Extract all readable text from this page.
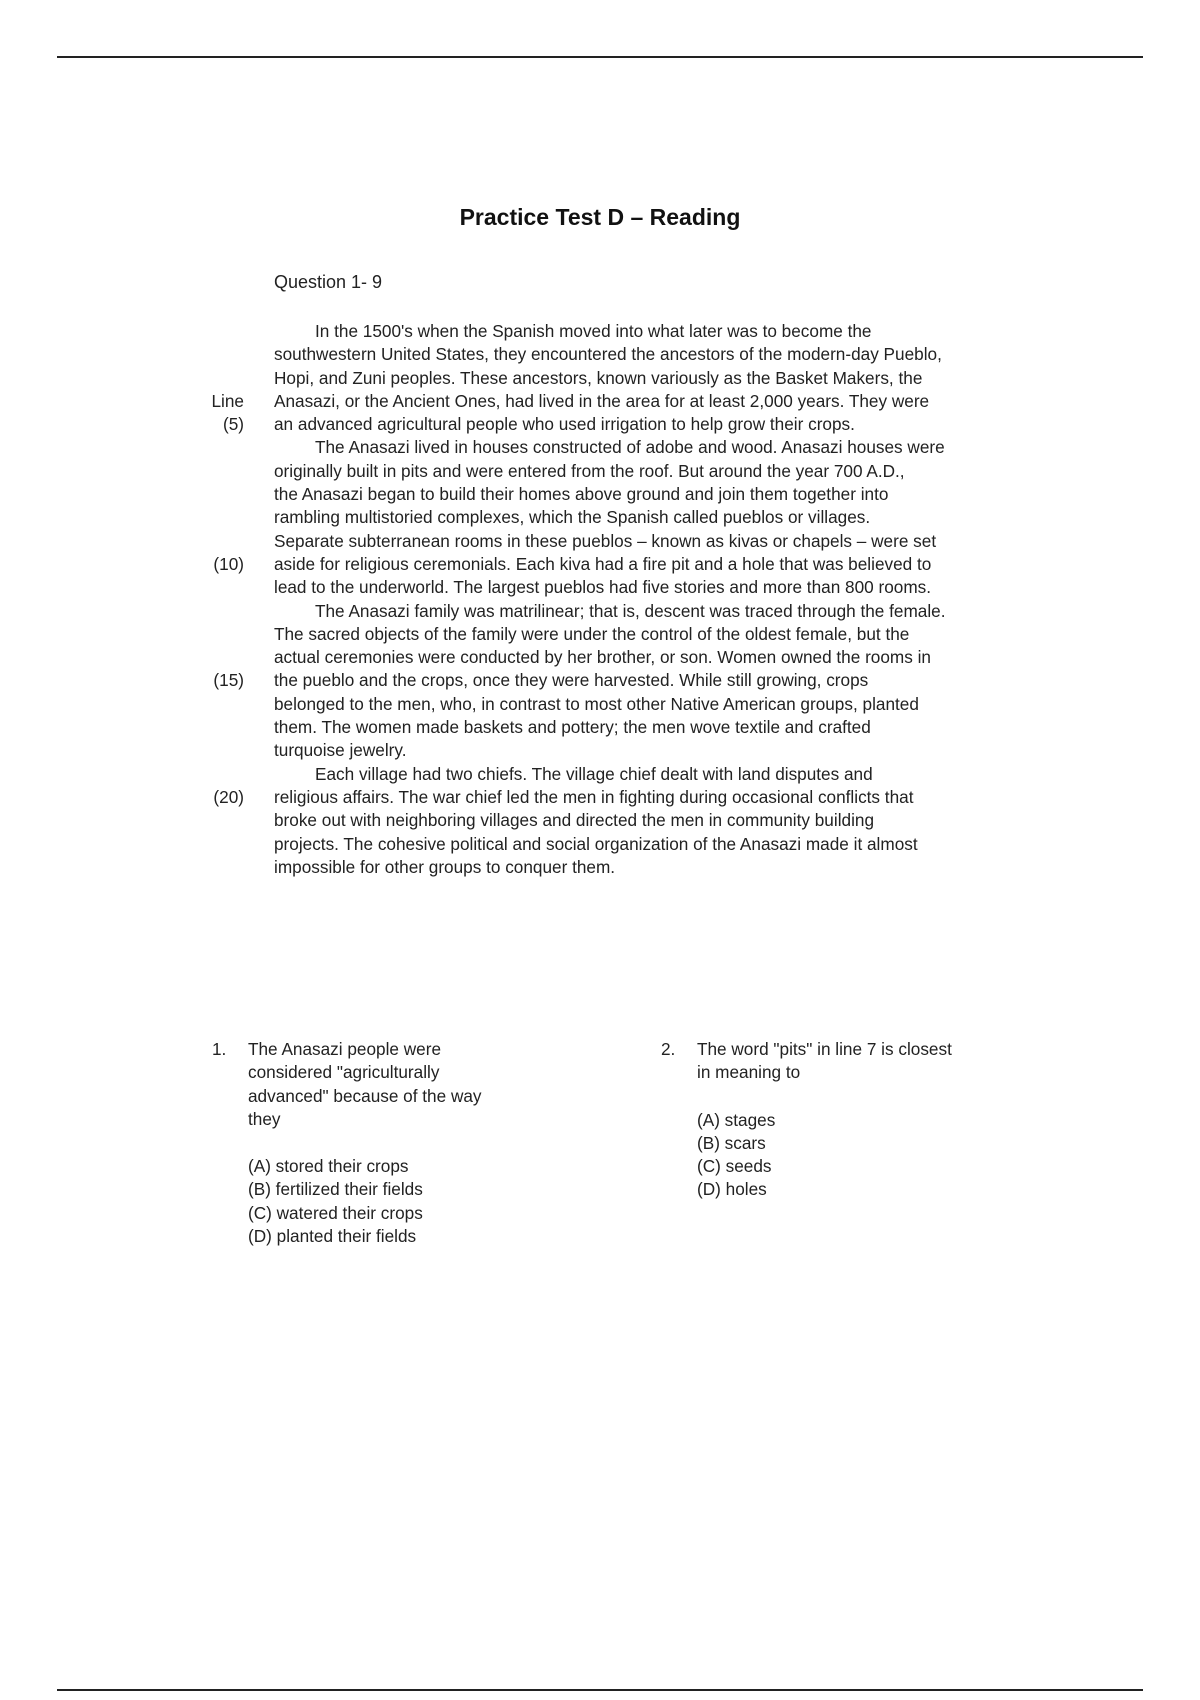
Practice Test D – Reading
Question 1- 9
Line
(5)
(10)
(15)
(20)
In the 1500's when the Spanish moved into what later was to become the
southwestern United States, they encountered the ancestors of the modern-day Pueblo,
Hopi, and Zuni peoples. These ancestors, known variously as the Basket Makers, the
Anasazi, or the Ancient Ones, had lived in the area for at least 2,000 years. They were
an advanced agricultural people who used irrigation to help grow their crops.
The Anasazi lived in houses constructed of adobe and wood. Anasazi houses were
originally built in pits and were entered from the roof. But around the year 700 A.D.,
the Anasazi began to build their homes above ground and join them together into
rambling multistoried complexes, which the Spanish called pueblos or villages.
Separate subterranean rooms in these pueblos – known as kivas or chapels – were set
aside for religious ceremonials. Each kiva had a fire pit and a hole that was believed to
lead to the underworld. The largest pueblos had five stories and more than 800 rooms.
The Anasazi family was matrilinear; that is, descent was traced through the female.
The sacred objects of the family were under the control of the oldest female, but the
actual ceremonies were conducted by her brother, or son. Women owned the rooms in
the pueblo and the crops, once they were harvested. While still growing, crops
belonged to the men, who, in contrast to most other Native American groups, planted
them. The women made baskets and pottery; the men wove textile and crafted
turquoise jewelry.
Each village had two chiefs. The village chief dealt with land disputes and
religious affairs. The war chief led the men in fighting during occasional conflicts that
broke out with neighboring villages and directed the men in community building
projects. The cohesive political and social organization of the Anasazi made it almost
impossible for other groups to conquer them.
1. The Anasazi people were
considered "agriculturally
advanced" because of the way
they
(A) stored their crops
(B) fertilized their fields
(C) watered their crops
(D) planted their fields
2. The word "pits" in line 7 is closest
in meaning to
(A) stages
(B) scars
(C) seeds
(D) holes
